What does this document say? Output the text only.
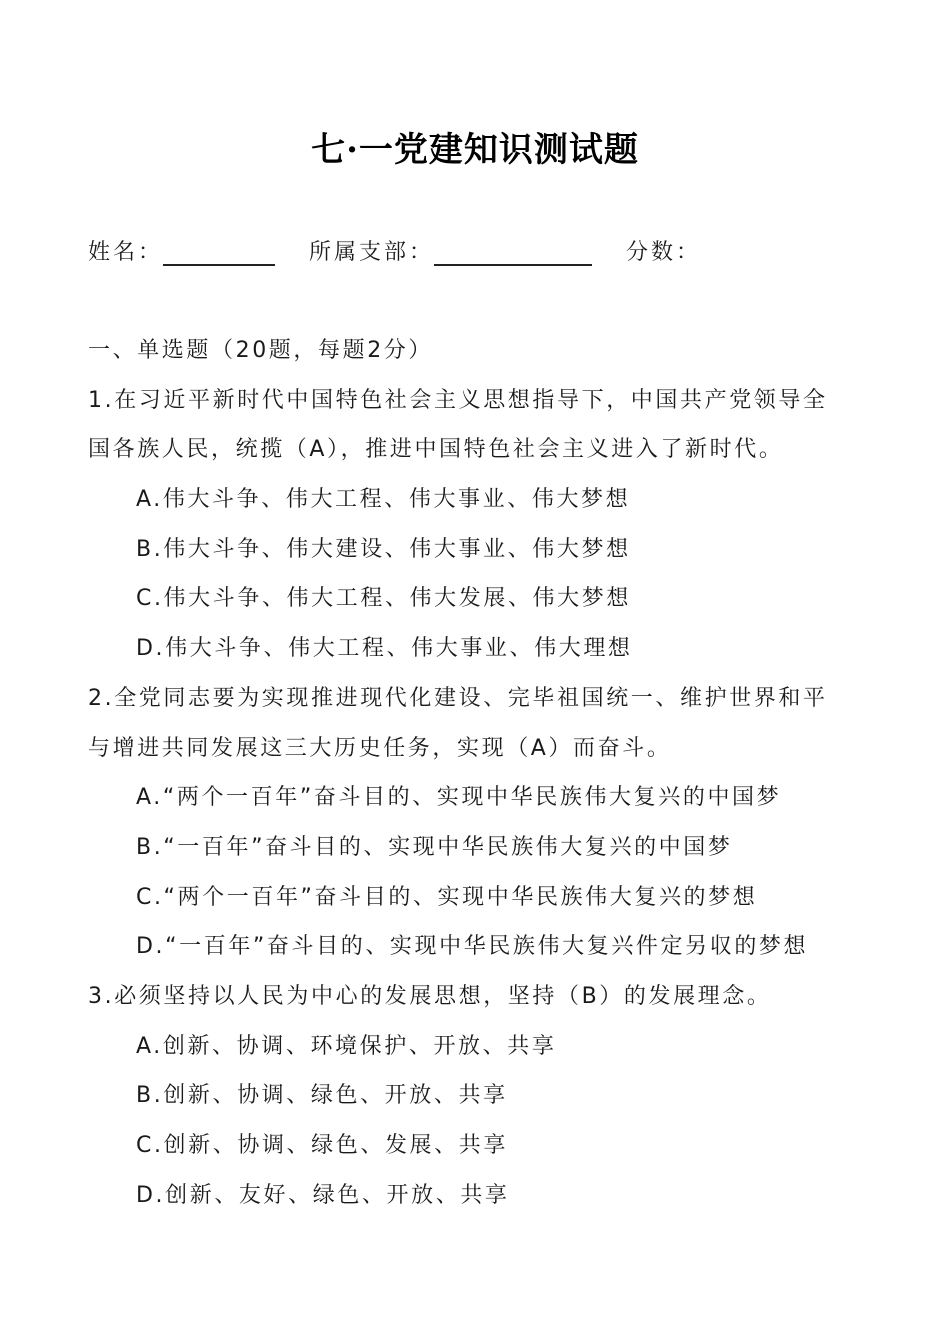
七·一党建知识测试题
姓名：	所属支部：	分数：
一、单选题（20题，每题2分）
1.在习近平新时代中国特色社会主义思想指导下，中国共产党领导全
国各族人民，统揽（A），推进中国特色社会主义进入了新时代。
A.伟大斗争、伟大工程、伟大事业、伟大梦想
B.伟大斗争、伟大建设、伟大事业、伟大梦想
C.伟大斗争、伟大工程、伟大发展、伟大梦想
D.伟大斗争、伟大工程、伟大事业、伟大理想
2.全党同志要为实现推进现代化建设、完毕祖国统一、维护世界和平
与增进共同发展这三大历史任务，实现（A）而奋斗。
A.“两个一百年”奋斗目的、实现中华民族伟大复兴的中国梦
B.“一百年”奋斗目的、实现中华民族伟大复兴的中国梦
C.“两个一百年”奋斗目的、实现中华民族伟大复兴的梦想
D.“一百年”奋斗目的、实现中华民族伟大复兴件定另収的梦想
3.必须坚持以人民为中心的发展思想，坚持（B）的发展理念。
A.创新、协调、环境保护、开放、共享
B.创新、协调、绿色、开放、共享
C.创新、协调、绿色、发展、共享
D.创新、友好、绿色、开放、共享
